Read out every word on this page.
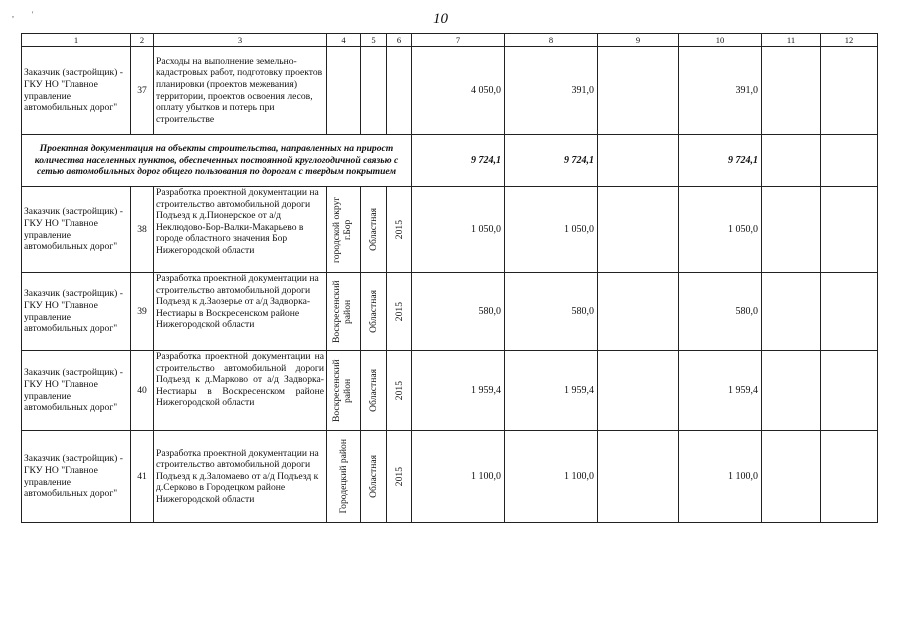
, '	10
1	2	3	4	5	6	7	8	9	10	11	12
Заказчик (застройщик) - ГКУ НО "Главное управление автомобильных дорог"	37	Расходы на выполнение земельно-кадастровых работ, подготовку проектов планировки (проектов межевания) территории, проектов освоения лесов, оплату убытков и потерь при строительстве				4 050,0	391,0		391,0		
Проектная документация на объекты строительства, направленных на прирост количества населенных пунктов, обеспеченных постоянной круглогодичной связью с сетью автомобильных дорог общего пользования по дорогам с твердым покрытием						9 724,1	9 724,1		9 724,1		
Заказчик (застройщик) - ГКУ НО "Главное управление автомобильных дорог"	38	Разработка проектной документации на строительство автомобильной дороги Подъезд к д.Пионерское от а/д Неклюдово-Бор-Валки-Макарьево в городе областного значения Бор Нижегородской области	городской округ г.Бор	Областная	2015	1 050,0	1 050,0		1 050,0		
Заказчик (застройщик) - ГКУ НО "Главное управление автомобильных дорог"	39	Разработка проектной документации на строительство автомобильной дороги Подъезд к д.Заозерье от а/д Задворка-Нестиары в Воскресенском районе Нижегородской области	Воскресенский район	Областная	2015	580,0	580,0		580,0		
Заказчик (застройщик) - ГКУ НО "Главное управление автомобильных дорог"	40	Разработка проектной документации на строительство автомобильной дороги Подъезд к д.Марково от а/д Задворка-Нестиары в Воскресенском районе Нижегородской области	Воскресенский район	Областная	2015	1 959,4	1 959,4		1 959,4		
Заказчик (застройщик) - ГКУ НО "Главное управление автомобильных дорог"	41	Разработка проектной документации на строительство автомобильной дороги Подъезд к д.Заломаево от а/д Подъезд к д.Серково в Городецком районе Нижегородской области	Городецкий район	Областная	2015	1 100,0	1 100,0		1 100,0		
